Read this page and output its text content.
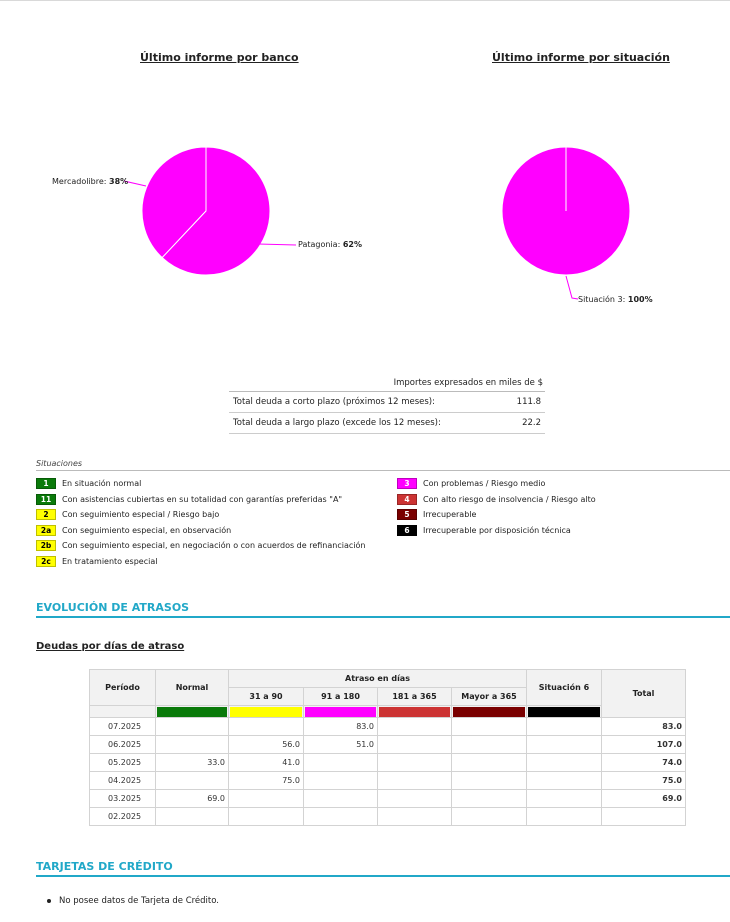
Último informe por banco
Mercadolibre: 38%
Patagonia: 62%
Último informe por situación
Situación 3: 100%
Importes expresados en miles de $
Total deuda a corto plazo (próximos 12 meses):	111.8
Total deuda a largo plazo (excede los 12 meses):	22.2
Situaciones
1	En situación normal
11	Con asistencias cubiertas en su totalidad con garantías preferidas "A"
2	Con seguimiento especial / Riesgo bajo
2a	Con seguimiento especial, en observación
2b	Con seguimiento especial, en negociación o con acuerdos de refinanciación
2c	En tratamiento especial
3	Con problemas / Riesgo medio
4	Con alto riesgo de insolvencia / Riesgo alto
5	Irrecuperable
6	Irrecuperable por disposición técnica
EVOLUCIÓN DE ATRASOS
Deudas por días de atraso
Período	Normal	Atraso en días				Situación 6	Total
		31 a 90	91 a 180	181 a 365	Mayor a 365		

07.2025			83.0				83.0
06.2025		56.0	51.0				107.0
05.2025	33.0	41.0					74.0
04.2025		75.0					75.0
03.2025	69.0						69.0
02.2025							
TARJETAS DE CRÉDITO
No posee datos de Tarjeta de Crédito.
